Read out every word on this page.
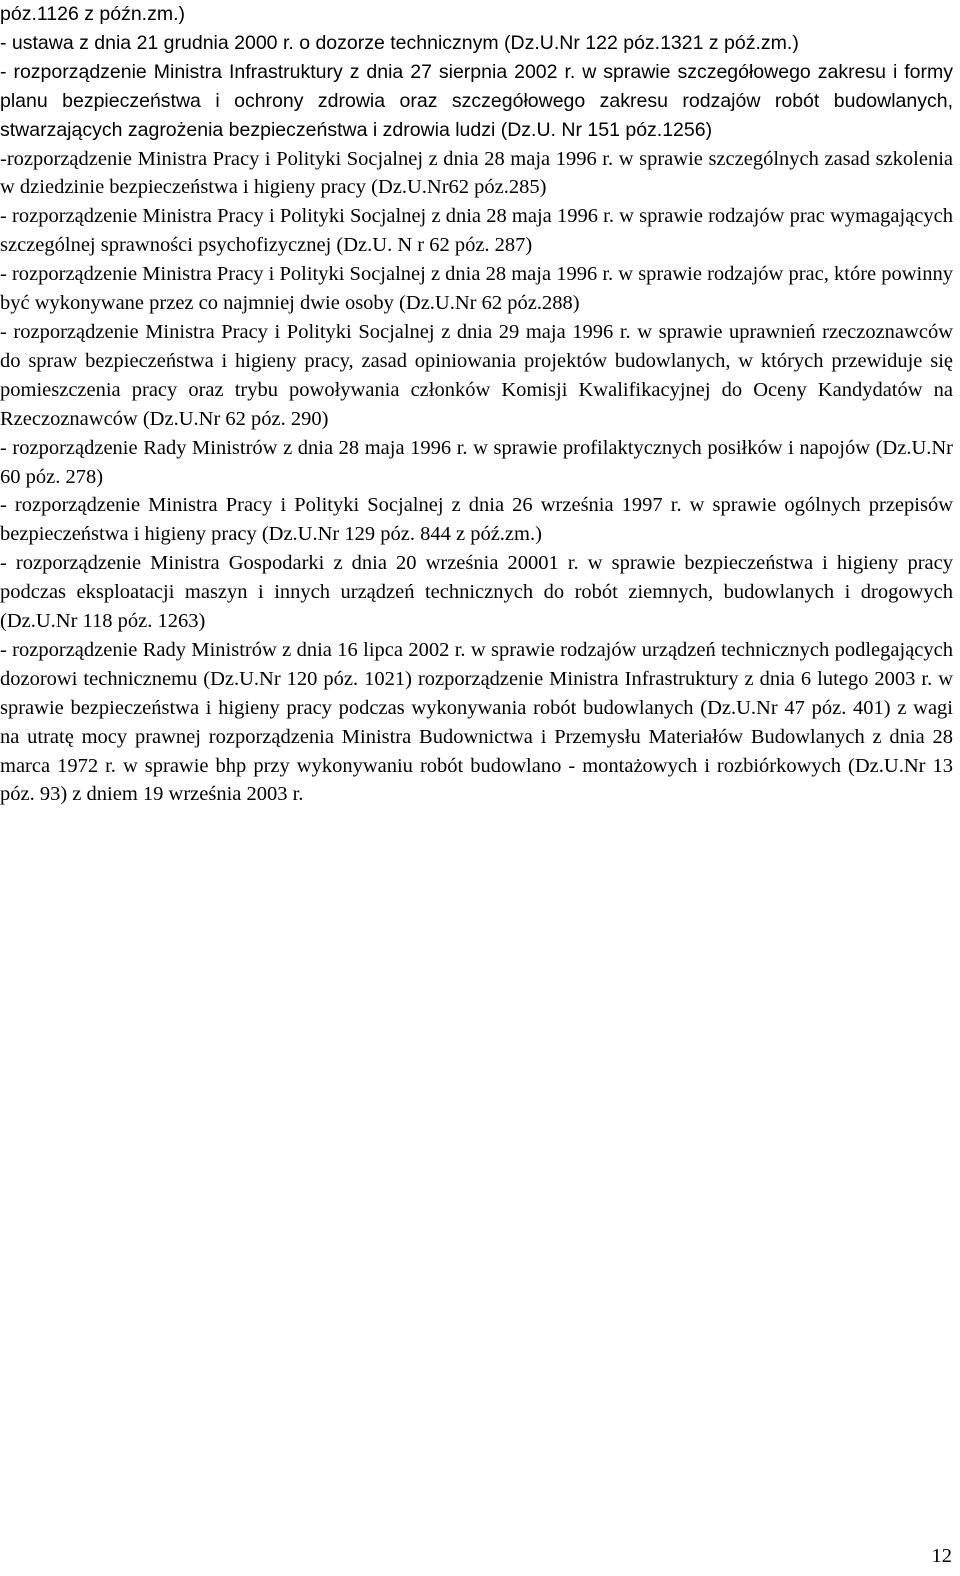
póz.1126 z późn.zm.)

- ustawa z dnia 21 grudnia 2000 r. o dozorze technicznym (Dz.U.Nr 122 póz.1321 z póź.zm.)

- rozporządzenie Ministra Infrastruktury z dnia 27 sierpnia 2002 r. w sprawie szczegółowego zakresu i formy planu bezpieczeństwa i ochrony zdrowia oraz szczegółowego zakresu rodzajów robót budowlanych, stwarzających zagrożenia bezpieczeństwa i zdrowia ludzi (Dz.U. Nr 151 póz.1256)

-rozporządzenie Ministra Pracy i Polityki Socjalnej z dnia 28 maja 1996 r. w sprawie szczególnych zasad szkolenia w dziedzinie bezpieczeństwa i higieny pracy (Dz.U.Nr62 póz.285)

- rozporządzenie Ministra Pracy i Polityki Socjalnej z dnia 28 maja 1996 r. w sprawie rodzajów prac wymagających szczególnej sprawności psychofizycznej (Dz.U. N r 62 póz. 287)

- rozporządzenie Ministra Pracy i Polityki Socjalnej z dnia 28 maja 1996 r. w sprawie rodzajów prac, które powinny być wykonywane przez co najmniej dwie osoby (Dz.U.Nr 62 póz.288)

- rozporządzenie Ministra Pracy i Polityki Socjalnej z dnia 29 maja 1996 r. w sprawie uprawnień rzeczoznawców do spraw bezpieczeństwa i higieny pracy, zasad opiniowania projektów budowlanych, w których przewiduje się pomieszczenia pracy oraz trybu powoływania członków Komisji Kwalifikacyjnej do Oceny Kandydatów na Rzeczoznawców (Dz.U.Nr 62 póz. 290)

- rozporządzenie Rady Ministrów z dnia 28 maja 1996 r. w sprawie profilaktycznych posiłków i napojów (Dz.U.Nr 60 póz. 278)

- rozporządzenie Ministra Pracy i Polityki Socjalnej z dnia 26 września 1997 r. w sprawie ogólnych przepisów bezpieczeństwa i higieny pracy (Dz.U.Nr 129 póz. 844 z póź.zm.)

- rozporządzenie Ministra Gospodarki z dnia 20 września 20001 r. w sprawie bezpieczeństwa i higieny pracy podczas eksploatacji maszyn i innych urządzeń technicznych do robót ziemnych, budowlanych i drogowych (Dz.U.Nr 118 póz. 1263)

- rozporządzenie Rady Ministrów z dnia 16 lipca 2002 r. w sprawie rodzajów urządzeń technicznych podlegających dozorowi technicznemu (Dz.U.Nr 120 póz. 1021) rozporządzenie Ministra Infrastruktury z dnia 6 lutego 2003 r. w sprawie bezpieczeństwa i higieny pracy podczas wykonywania robót budowlanych (Dz.U.Nr 47 póz. 401) z wagi na utratę mocy prawnej rozporządzenia Ministra Budownictwa i Przemysłu Materiałów Budowlanych z dnia 28 marca 1972 r. w sprawie bhp przy wykonywaniu robót budowlano - montażowych i rozbiórkowych (Dz.U.Nr 13 póz. 93) z dniem 19 września 2003 r.

12
